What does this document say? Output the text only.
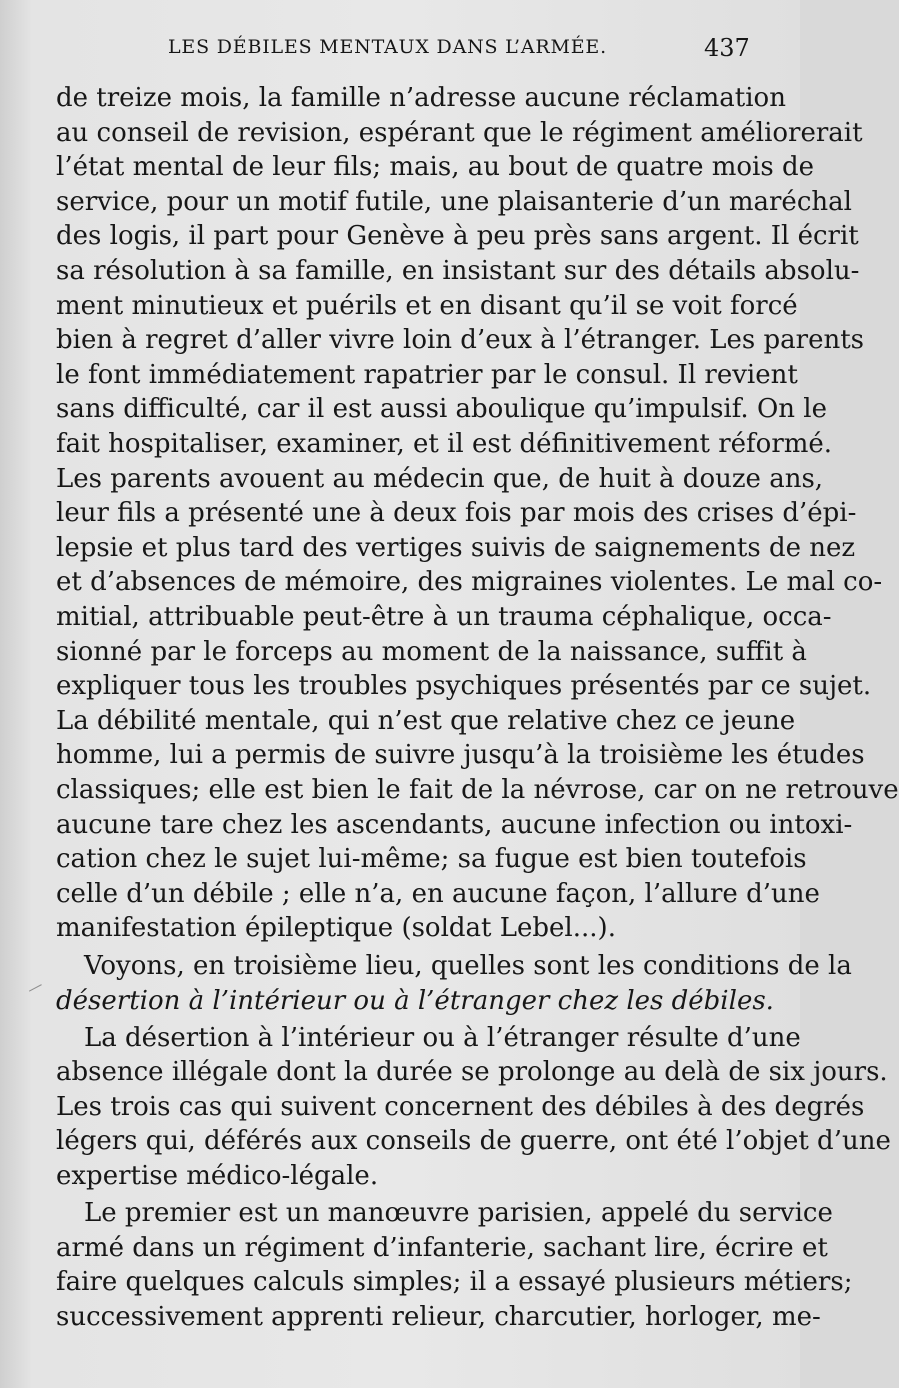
LES DÉBILES MENTAUX DANS L’ARMÉE.	437
de treize mois, la famille n’adresse aucune réclamation
au conseil de revision, espérant que le régiment améliorerait
l’état mental de leur fils; mais, au bout de quatre mois de
service, pour un motif futile, une plaisanterie d’un maréchal
des logis, il part pour Genève à peu près sans argent. Il écrit
sa résolution à sa famille, en insistant sur des détails absolu-
ment minutieux et puérils et en disant qu’il se voit forcé
bien à regret d’aller vivre loin d’eux à l’étranger. Les parents
le font immédiatement rapatrier par le consul. Il revient
sans difficulté, car il est aussi aboulique qu’impulsif. On le
fait hospitaliser, examiner, et il est définitivement réformé.
Les parents avouent au médecin que, de huit à douze ans,
leur fils a présenté une à deux fois par mois des crises d’épi-
lepsie et plus tard des vertiges suivis de saignements de nez
et d’absences de mémoire, des migraines violentes. Le mal co-
mitial, attribuable peut-être à un trauma céphalique, occa-
sionné par le forceps au moment de la naissance, suffit à
expliquer tous les troubles psychiques présentés par ce sujet.
La débilité mentale, qui n’est que relative chez ce jeune
homme, lui a permis de suivre jusqu’à la troisième les études
classiques; elle est bien le fait de la névrose, car on ne retrouve
aucune tare chez les ascendants, aucune infection ou intoxi-
cation chez le sujet lui-même; sa fugue est bien toutefois
celle d’un débile ; elle n’a, en aucune façon, l’allure d’une
manifestation épileptique (soldat Lebel...).
Voyons, en troisième lieu, quelles sont les conditions de la
désertion à l’intérieur ou à l’étranger chez les débiles.
La désertion à l’intérieur ou à l’étranger résulte d’une
absence illégale dont la durée se prolonge au delà de six jours.
Les trois cas qui suivent concernent des débiles à des degrés
légers qui, déférés aux conseils de guerre, ont été l’objet d’une
expertise médico-légale.
Le premier est un manœuvre parisien, appelé du service
armé dans un régiment d’infanterie, sachant lire, écrire et
faire quelques calculs simples; il a essayé plusieurs métiers;
successivement apprenti relieur, charcutier, horloger, me-
